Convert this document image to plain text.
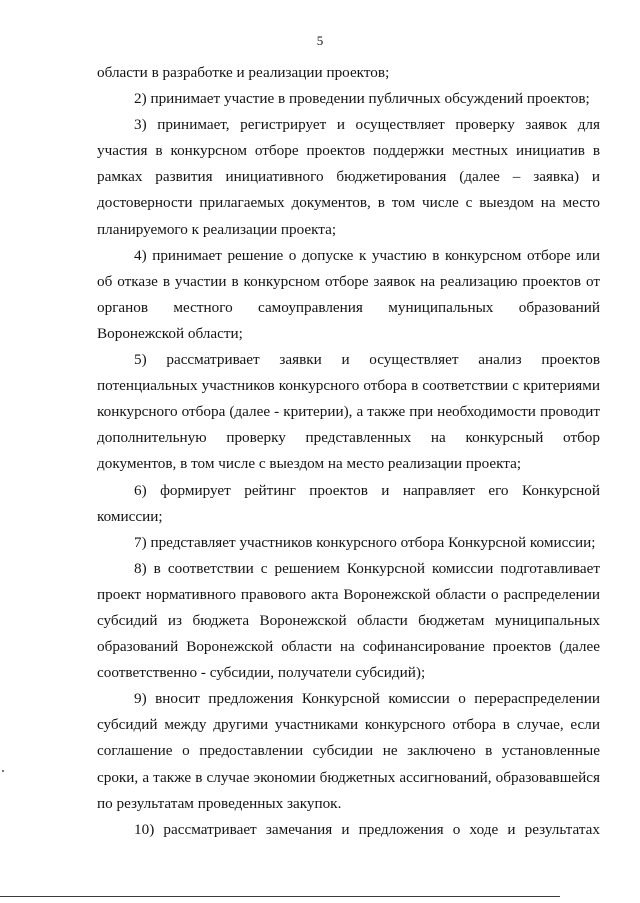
5

области в разработке и реализации проектов;

2) принимает участие в проведении публичных обсуждений проектов;

3) принимает, регистрирует и осуществляет проверку заявок для участия в конкурсном отборе проектов поддержки местных инициатив в рамках развития инициативного бюджетирования (далее – заявка) и достоверности прилагаемых документов, в том числе с выездом на место планируемого к реализации проекта;

4) принимает решение о допуске к участию в конкурсном отборе или об отказе в участии в конкурсном отборе заявок на реализацию проектов от органов местного самоуправления муниципальных образований Воронежской области;

5) рассматривает заявки и осуществляет анализ проектов потенциальных участников конкурсного отбора в соответствии с критериями конкурсного отбора (далее - критерии), а также при необходимости проводит дополнительную проверку представленных на конкурсный отбор документов, в том числе с выездом на место реализации проекта;

6) формирует рейтинг проектов и направляет его Конкурсной комиссии;

7) представляет участников конкурсного отбора Конкурсной комиссии;

8) в соответствии с решением Конкурсной комиссии подготавливает проект нормативного правового акта Воронежской области о распределении субсидий из бюджета Воронежской области бюджетам муниципальных образований Воронежской области на софинансирование проектов (далее соответственно - субсидии, получатели субсидий);

9) вносит предложения Конкурсной комиссии о перераспределении субсидий между другими участниками конкурсного отбора в случае, если соглашение о предоставлении субсидии не заключено в установленные сроки, а также в случае экономии бюджетных ассигнований, образовавшейся по результатам проведенных закупок.

10) рассматривает замечания и предложения о ходе и результатах
